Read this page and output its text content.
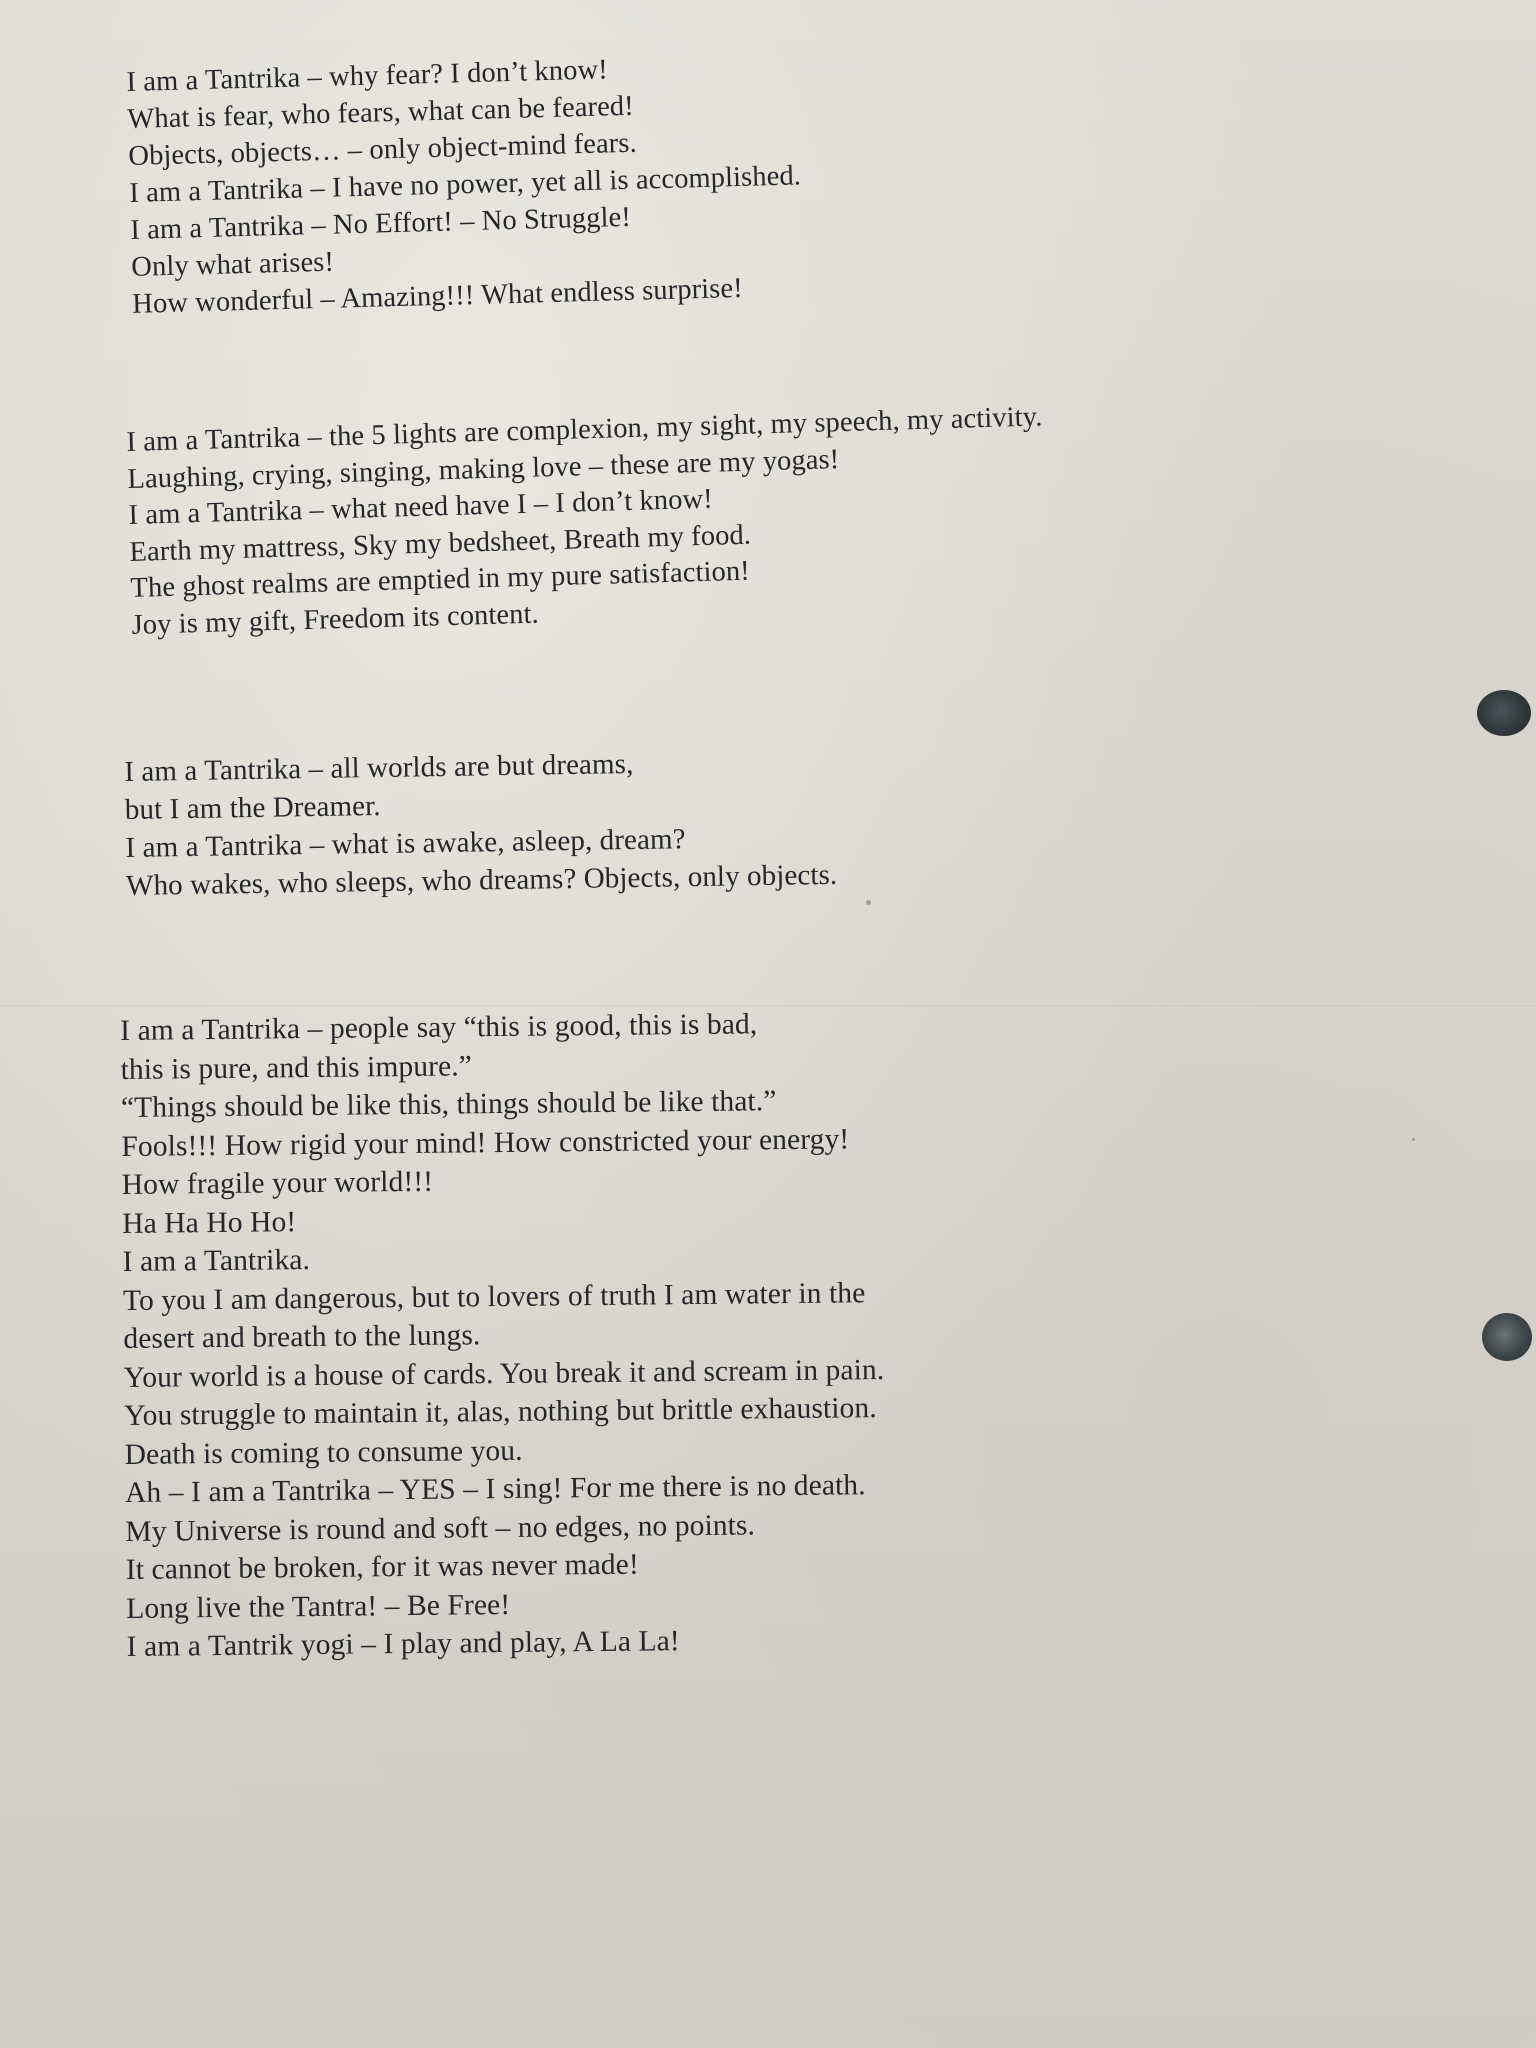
I am a Tantrika – why fear? I don’t know!
What is fear, who fears, what can be feared!
Objects, objects… – only object-mind fears.
I am a Tantrika – I have no power, yet all is accomplished.
I am a Tantrika – No Effort! – No Struggle!
Only what arises!
How wonderful – Amazing!!! What endless surprise!
I am a Tantrika – the 5 lights are complexion, my sight, my speech, my activity.
Laughing, crying, singing, making love – these are my yogas!
I am a Tantrika – what need have I – I don’t know!
Earth my mattress, Sky my bedsheet, Breath my food.
The ghost realms are emptied in my pure satisfaction!
Joy is my gift, Freedom its content.
I am a Tantrika – all worlds are but dreams,
but I am the Dreamer.
I am a Tantrika – what is awake, asleep, dream?
Who wakes, who sleeps, who dreams? Objects, only objects.
I am a Tantrika – people say “this is good, this is bad,
this is pure, and this impure.”
“Things should be like this, things should be like that.”
Fools!!! How rigid your mind! How constricted your energy!
How fragile your world!!!
Ha Ha Ho Ho!
I am a Tantrika.
To you I am dangerous, but to lovers of truth I am water in the
desert and breath to the lungs.
Your world is a house of cards. You break it and scream in pain.
You struggle to maintain it, alas, nothing but brittle exhaustion.
Death is coming to consume you.
Ah – I am a Tantrika – YES – I sing! For me there is no death.
My Universe is round and soft – no edges, no points.
It cannot be broken, for it was never made!
Long live the Tantra! – Be Free!
I am a Tantrik yogi – I play and play, A La La!
